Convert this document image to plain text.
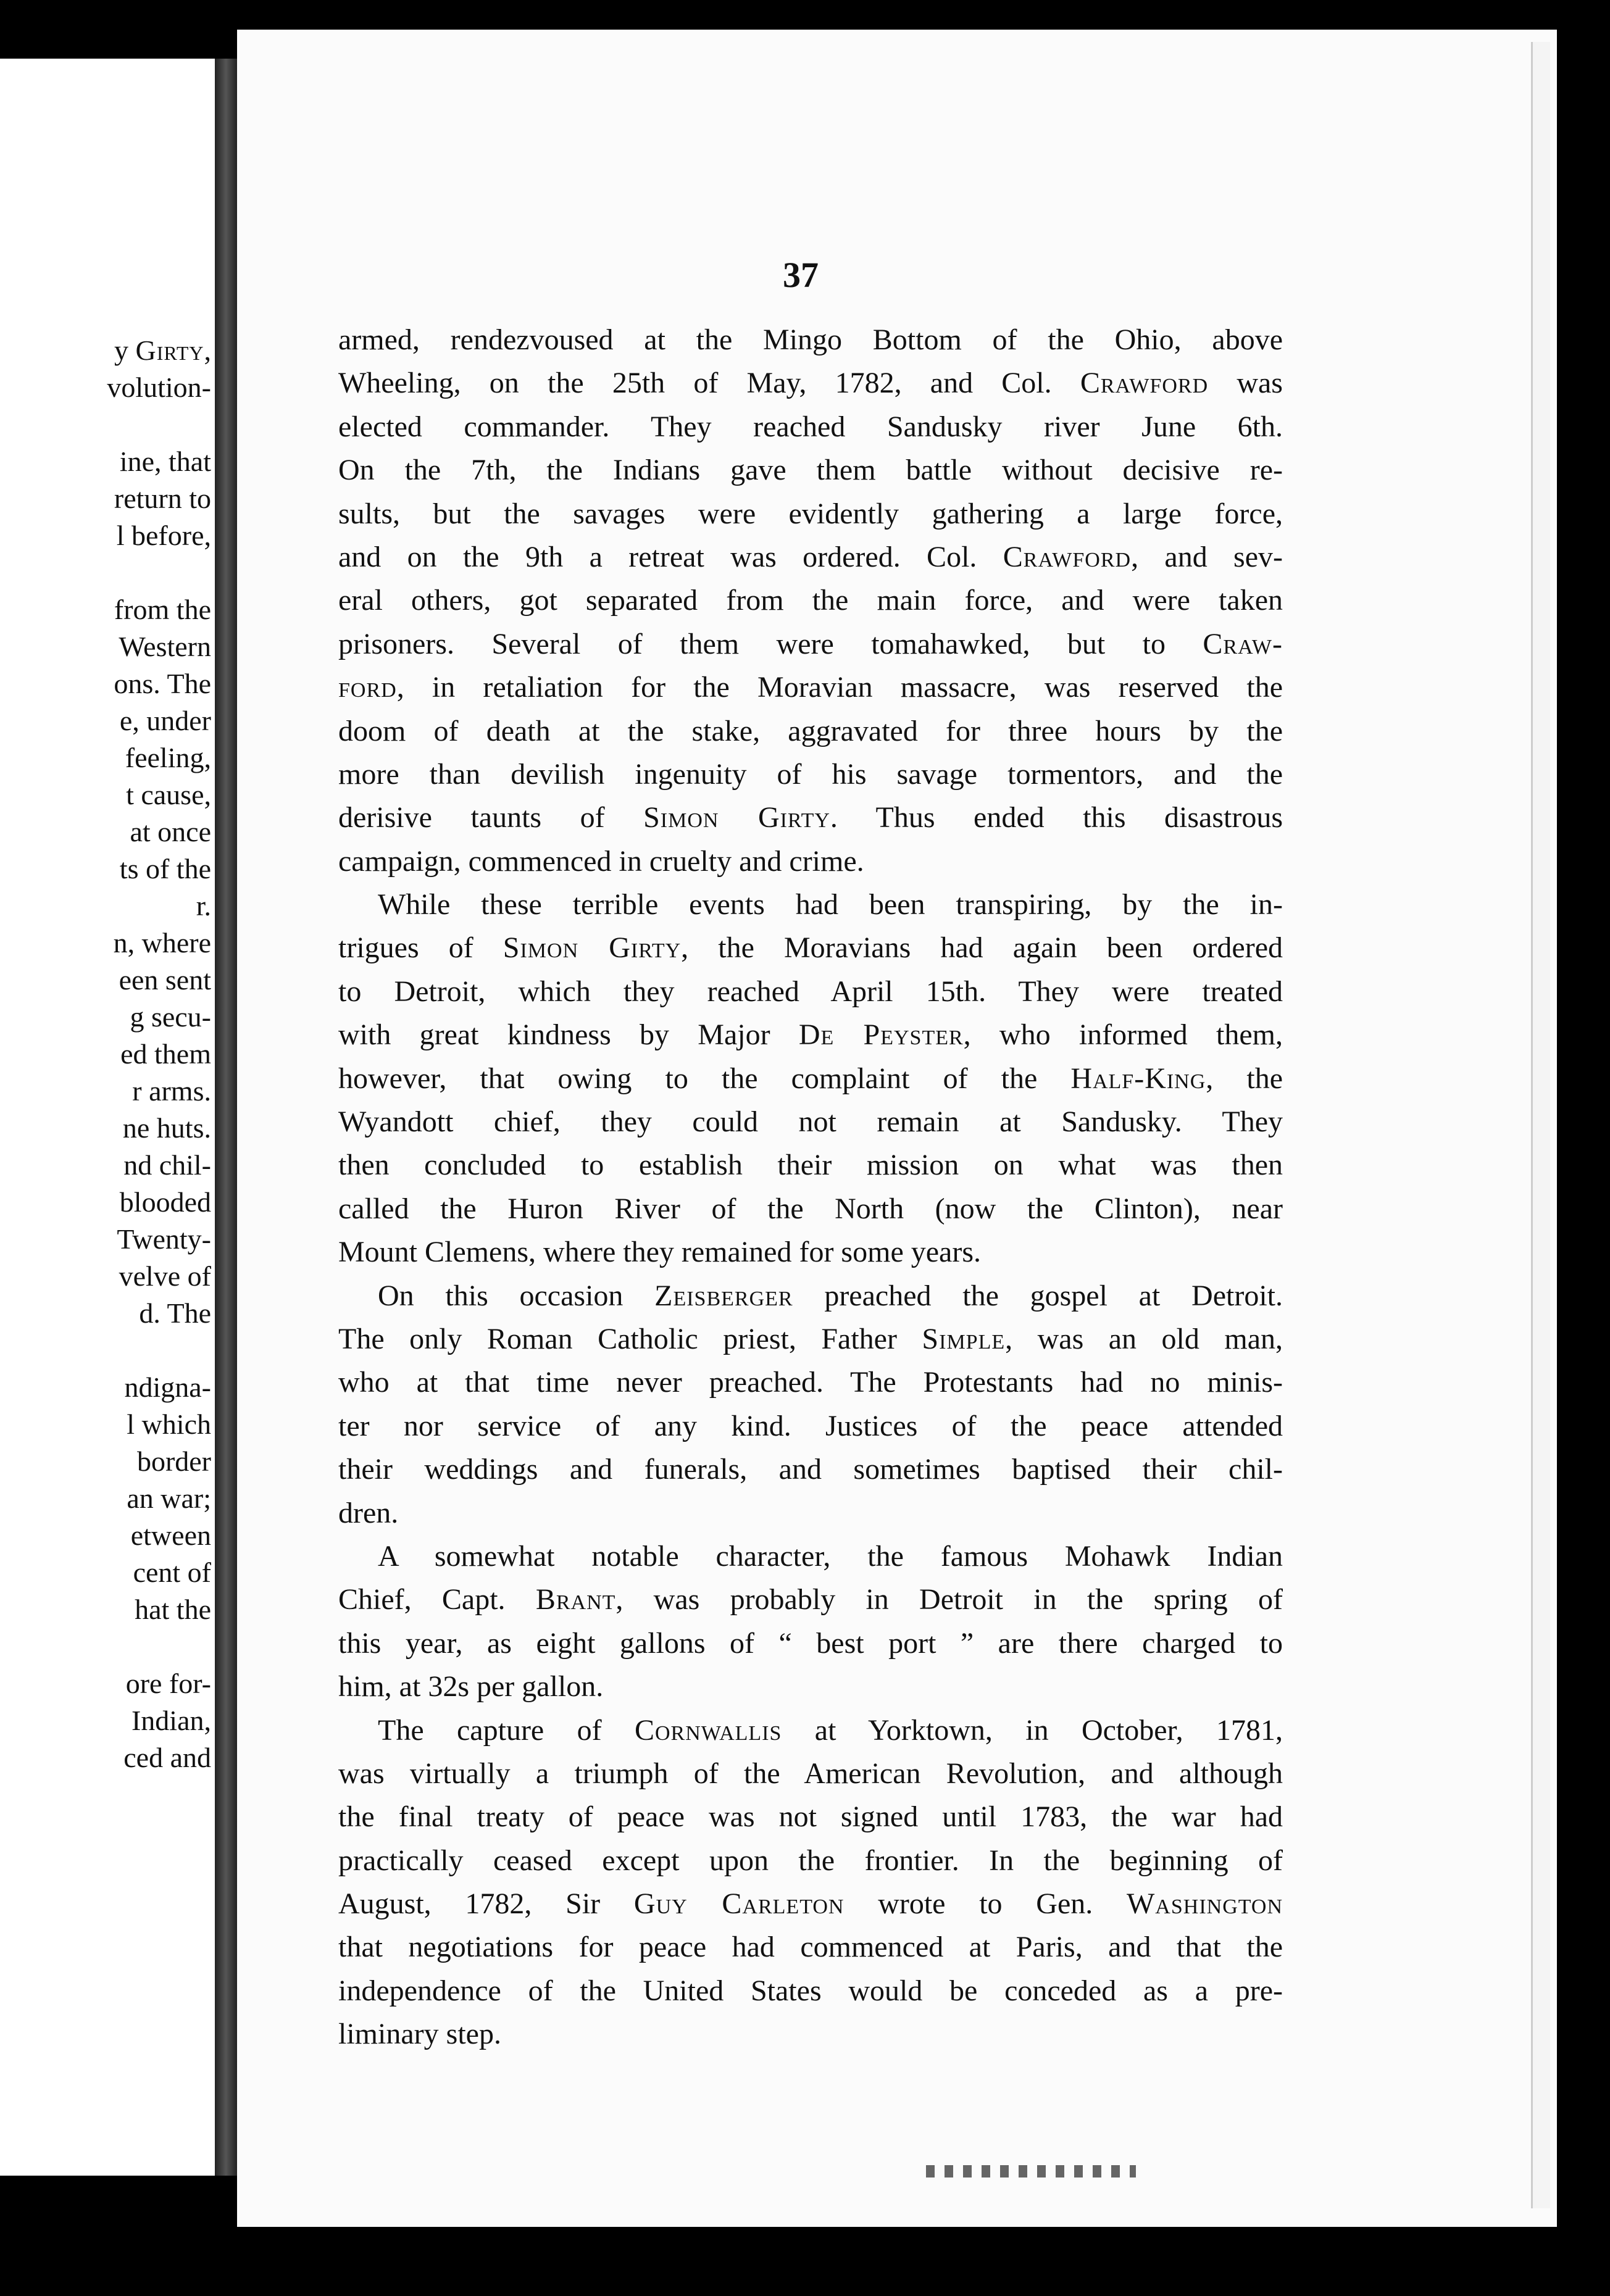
y Girty,
volution-
ine, that
return to
l before,
from the
Western
ons. The
e, under
feeling,
t cause,
at once
ts of the
r.
n, where
een sent
g secu-
ed them
r arms.
ne huts.
nd chil-
blooded
Twenty-
velve of
d. The
ndigna-
l which
border
an war;
etween
cent of
hat the
ore for-
Indian,
ced and
37
armed, rendezvoused at the Mingo Bottom of the Ohio, above
Wheeling, on the 25th of May, 1782, and Col. Crawford was
elected commander. They reached Sandusky river June 6th.
On the 7th, the Indians gave them battle without decisive re-
sults, but the savages were evidently gathering a large force,
and on the 9th a retreat was ordered. Col. Crawford, and sev-
eral others, got separated from the main force, and were taken
prisoners. Several of them were tomahawked, but to Craw-
ford, in retaliation for the Moravian massacre, was reserved the
doom of death at the stake, aggravated for three hours by the
more than devilish ingenuity of his savage tormentors, and the
derisive taunts of Simon Girty. Thus ended this disastrous
campaign, commenced in cruelty and crime.
While these terrible events had been transpiring, by the in-
trigues of Simon Girty, the Moravians had again been ordered
to Detroit, which they reached April 15th. They were treated
with great kindness by Major De Peyster, who informed them,
however, that owing to the complaint of the Half-King, the
Wyandott chief, they could not remain at Sandusky. They
then concluded to establish their mission on what was then
called the Huron River of the North (now the Clinton), near
Mount Clemens, where they remained for some years.
On this occasion Zeisberger preached the gospel at Detroit.
The only Roman Catholic priest, Father Simple, was an old man,
who at that time never preached. The Protestants had no minis-
ter nor service of any kind. Justices of the peace attended
their weddings and funerals, and sometimes baptised their chil-
dren.
A somewhat notable character, the famous Mohawk Indian
Chief, Capt. Brant, was probably in Detroit in the spring of
this year, as eight gallons of “ best port ” are there charged to
him, at 32s per gallon.
The capture of Cornwallis at Yorktown, in October, 1781,
was virtually a triumph of the American Revolution, and although
the final treaty of peace was not signed until 1783, the war had
practically ceased except upon the frontier. In the beginning of
August, 1782, Sir Guy Carleton wrote to Gen. Washington
that negotiations for peace had commenced at Paris, and that the
independence of the United States would be conceded as a pre-
liminary step.
